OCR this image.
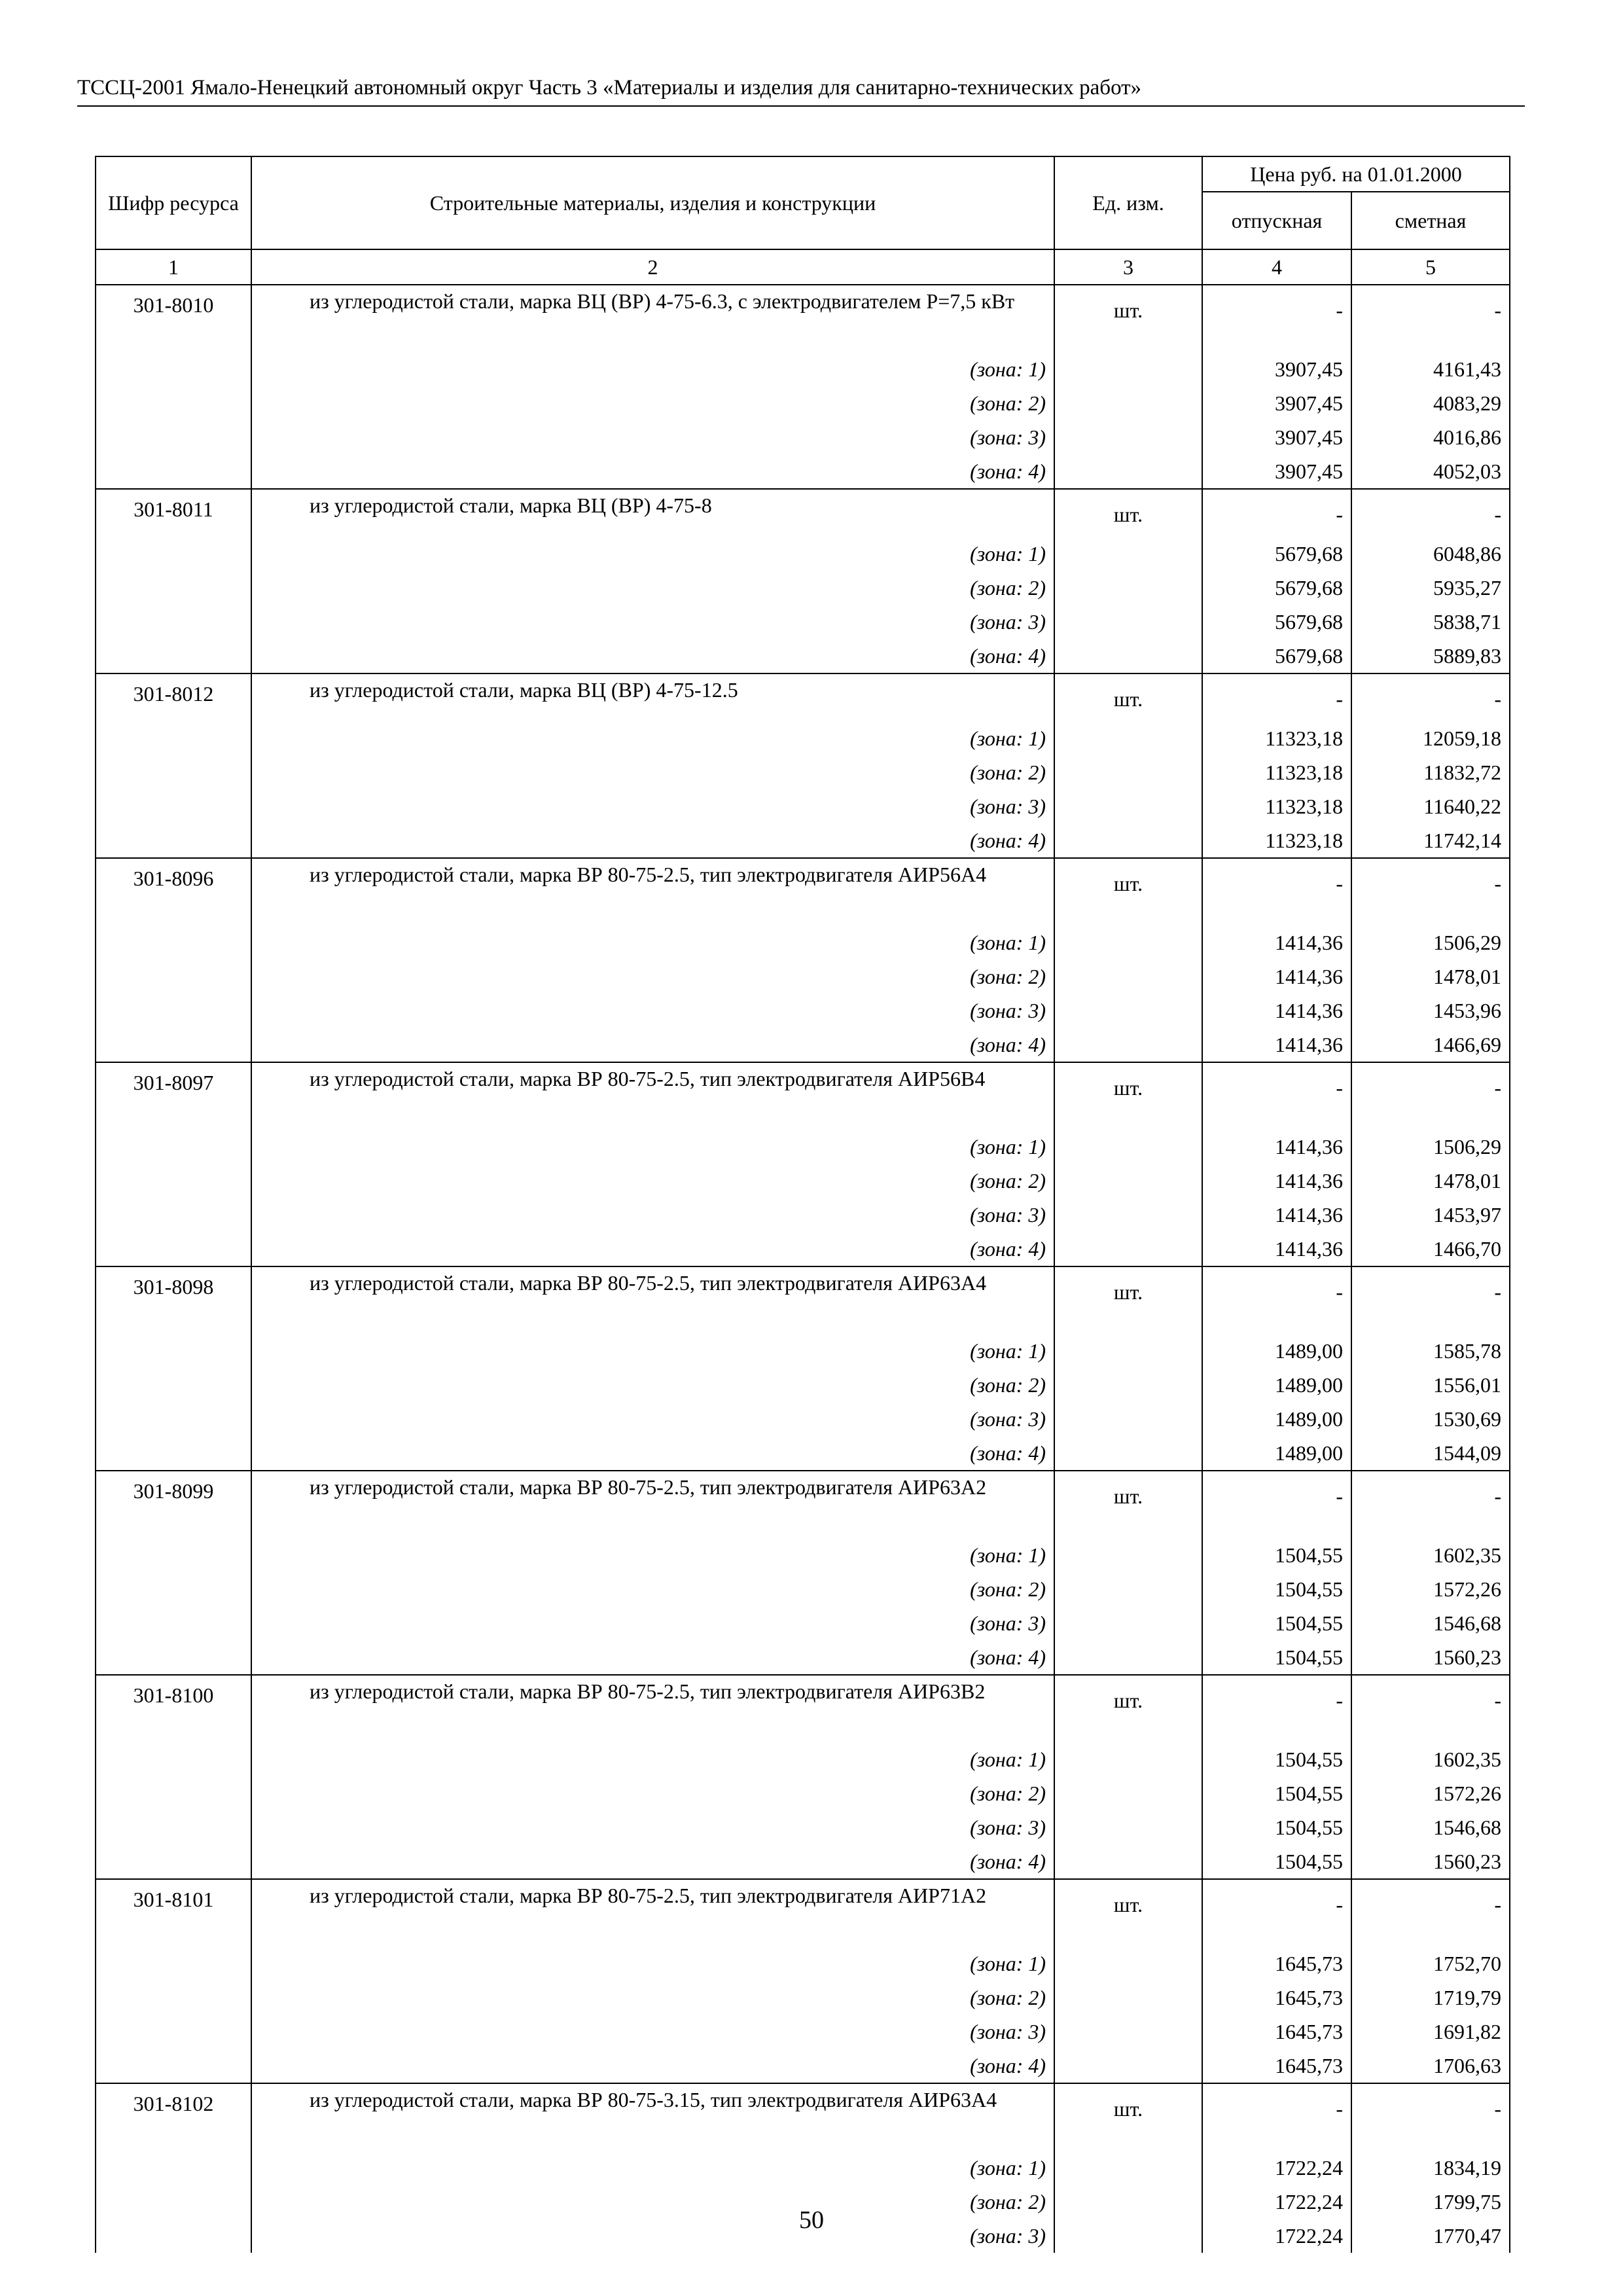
ТССЦ-2001 Ямало-Ненецкий автономный округ Часть 3 «Материалы и изделия для санитарно-технических работ»
Шифр ресурса	Строительные материалы, изделия и конструкции	Ед. изм.	Цена руб. на 01.01.2000	
			отпускная	сметная
1	2	3	4	5
301-8010	из углеродистой стали, марка ВЦ (ВР) 4-75-6.3, с электродвигателем Р=7,5 кВт	шт.	-	-
	(зона: 1)		3907,45	4161,43
	(зона: 2)		3907,45	4083,29
	(зона: 3)		3907,45	4016,86
	(зона: 4)		3907,45	4052,03
301-8011	из углеродистой стали, марка ВЦ (ВР) 4-75-8	шт.	-	-
	(зона: 1)		5679,68	6048,86
	(зона: 2)		5679,68	5935,27
	(зона: 3)		5679,68	5838,71
	(зона: 4)		5679,68	5889,83
301-8012	из углеродистой стали, марка ВЦ (ВР) 4-75-12.5	шт.	-	-
	(зона: 1)		11323,18	12059,18
	(зона: 2)		11323,18	11832,72
	(зона: 3)		11323,18	11640,22
	(зона: 4)		11323,18	11742,14
301-8096	из углеродистой стали, марка ВР 80-75-2.5, тип электродвигателя АИР56А4	шт.	-	-
	(зона: 1)		1414,36	1506,29
	(зона: 2)		1414,36	1478,01
	(зона: 3)		1414,36	1453,96
	(зона: 4)		1414,36	1466,69
301-8097	из углеродистой стали, марка ВР 80-75-2.5, тип электродвигателя АИР56В4	шт.	-	-
	(зона: 1)		1414,36	1506,29
	(зона: 2)		1414,36	1478,01
	(зона: 3)		1414,36	1453,97
	(зона: 4)		1414,36	1466,70
301-8098	из углеродистой стали, марка ВР 80-75-2.5, тип электродвигателя АИР63А4	шт.	-	-
	(зона: 1)		1489,00	1585,78
	(зона: 2)		1489,00	1556,01
	(зона: 3)		1489,00	1530,69
	(зона: 4)		1489,00	1544,09
301-8099	из углеродистой стали, марка ВР 80-75-2.5, тип электродвигателя АИР63А2	шт.	-	-
	(зона: 1)		1504,55	1602,35
	(зона: 2)		1504,55	1572,26
	(зона: 3)		1504,55	1546,68
	(зона: 4)		1504,55	1560,23
301-8100	из углеродистой стали, марка ВР 80-75-2.5, тип электродвигателя АИР63В2	шт.	-	-
	(зона: 1)		1504,55	1602,35
	(зона: 2)		1504,55	1572,26
	(зона: 3)		1504,55	1546,68
	(зона: 4)		1504,55	1560,23
301-8101	из углеродистой стали, марка ВР 80-75-2.5, тип электродвигателя АИР71А2	шт.	-	-
	(зона: 1)		1645,73	1752,70
	(зона: 2)		1645,73	1719,79
	(зона: 3)		1645,73	1691,82
	(зона: 4)		1645,73	1706,63
301-8102	из углеродистой стали, марка ВР 80-75-3.15, тип электродвигателя АИР63А4	шт.	-	-
	(зона: 1)		1722,24	1834,19
	(зона: 2)		1722,24	1799,75
	(зона: 3)		1722,24	1770,47
50
